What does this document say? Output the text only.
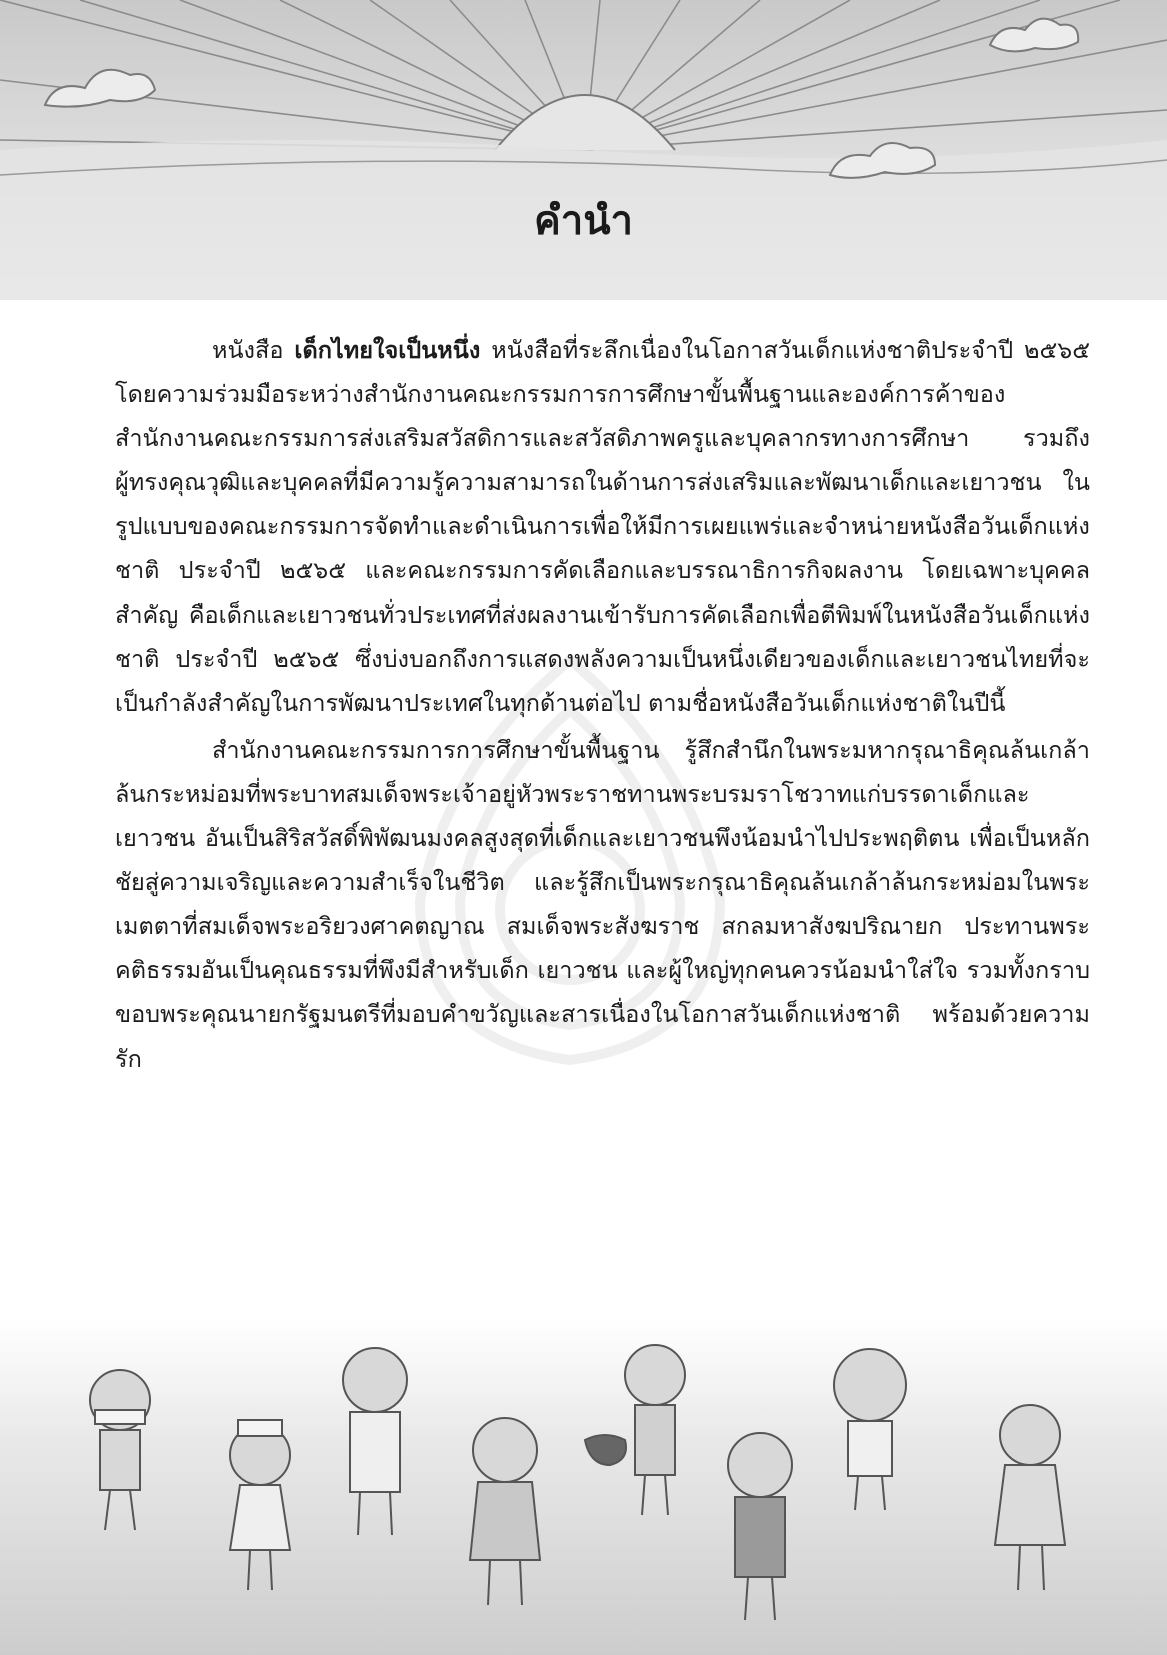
คำนำ

หนังสือ เด็กไทยใจเป็นหนึ่ง หนังสือที่ระลึกเนื่องในโอกาสวันเด็กแห่งชาติประจำปี ๒๕๖๕ โดยความร่วมมือระหว่างสำนักงานคณะกรรมการการศึกษาขั้นพื้นฐานและองค์การค้าของสำนักงานคณะกรรมการส่งเสริมสวัสดิการและสวัสดิภาพครูและบุคลากรทางการศึกษา รวมถึงผู้ทรงคุณวุฒิและบุคคลที่มีความรู้ความสามารถในด้านการส่งเสริมและพัฒนาเด็กและเยาวชน ในรูปแบบของคณะกรรมการจัดทำและดำเนินการเพื่อให้มีการเผยแพร่และจำหน่ายหนังสือวันเด็กแห่งชาติ ประจำปี ๒๕๖๕ และคณะกรรมการคัดเลือกและบรรณาธิการกิจผลงาน โดยเฉพาะบุคคลสำคัญ คือเด็กและเยาวชนทั่วประเทศที่ส่งผลงานเข้ารับการคัดเลือกเพื่อตีพิมพ์ในหนังสือวันเด็กแห่งชาติ ประจำปี ๒๕๖๕ ซึ่งบ่งบอกถึงการแสดงพลังความเป็นหนึ่งเดียวของเด็กและเยาวชนไทยที่จะเป็นกำลังสำคัญในการพัฒนาประเทศในทุกด้านต่อไป ตามชื่อหนังสือวันเด็กแห่งชาติในปีนี้

สำนักงานคณะกรรมการการศึกษาขั้นพื้นฐาน รู้สึกสำนึกในพระมหากรุณาธิคุณล้นเกล้าล้นกระหม่อมที่พระบาทสมเด็จพระเจ้าอยู่หัวพระราชทานพระบรมราโชวาทแก่บรรดาเด็กและเยาวชน อันเป็นสิริสวัสดิ์พิพัฒนมงคลสูงสุดที่เด็กและเยาวชนพึงน้อมนำไปประพฤติตน เพื่อเป็นหลักชัยสู่ความเจริญและความสำเร็จในชีวิต และรู้สึกเป็นพระกรุณาธิคุณล้นเกล้าล้นกระหม่อมในพระเมตตาที่สมเด็จพระอริยวงศาคตญาณ สมเด็จพระสังฆราช สกลมหาสังฆปริณายก ประทานพระคติธรรมอันเป็นคุณธรรมที่พึงมีสำหรับเด็ก เยาวชน และผู้ใหญ่ทุกคนควรน้อมนำใส่ใจ รวมทั้งกราบขอบพระคุณนายกรัฐมนตรีที่มอบคำขวัญและสารเนื่องในโอกาสวันเด็กแห่งชาติ พร้อมด้วยความรัก
